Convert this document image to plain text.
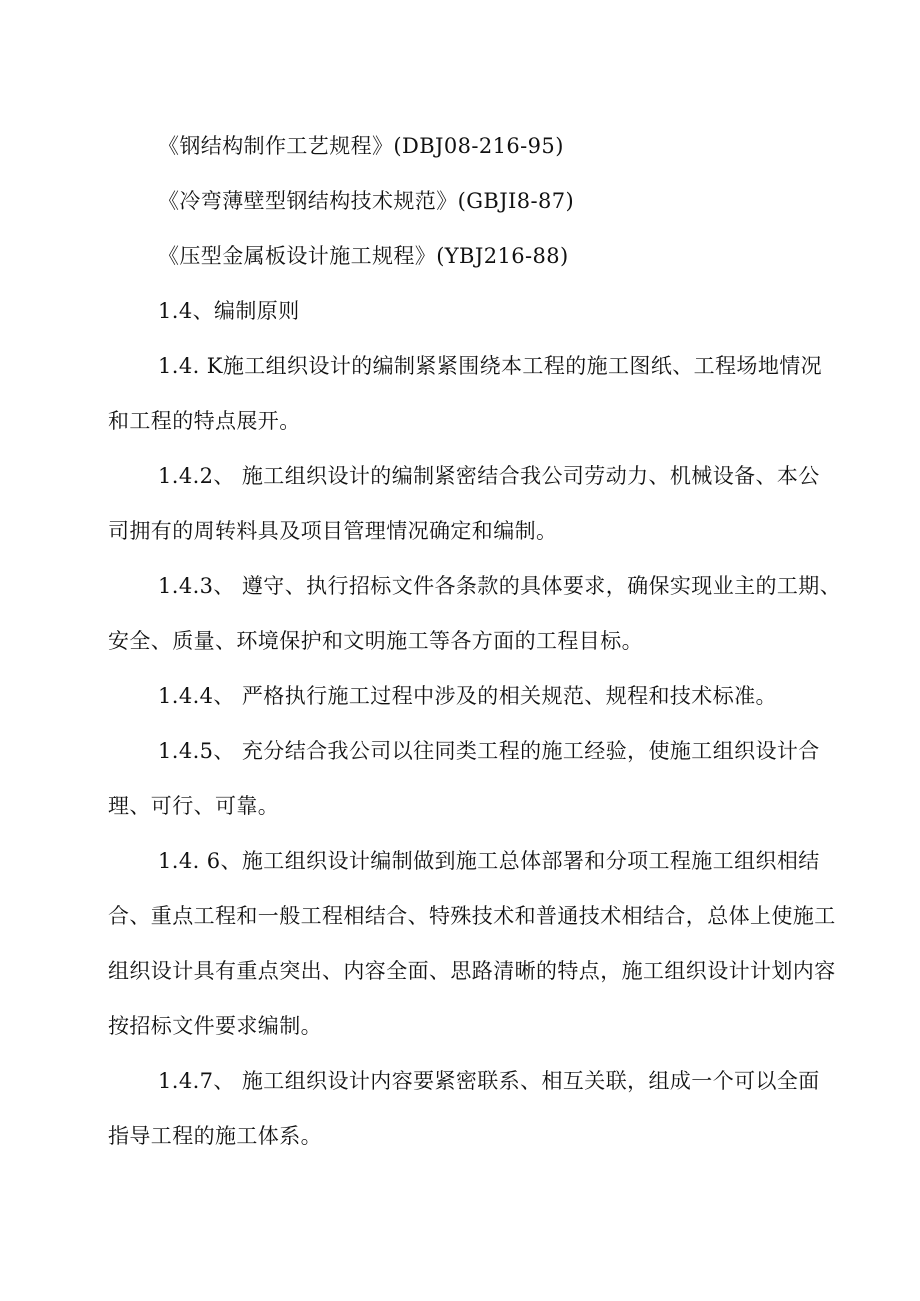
《钢结构制作工艺规程》(DBJ08-216-95)

《冷弯薄壁型钢结构技术规范》(GBJI8-87)

《压型金属板设计施工规程》(YBJ216-88)

1.4、编制原则

1.4. K施工组织设计的编制紧紧围绕本工程的施工图纸、工程场地情况

和工程的特点展开。

1.4.2、 施工组织设计的编制紧密结合我公司劳动力、机械设备、本公

司拥有的周转料具及项目管理情况确定和编制。

1.4.3、 遵守、执行招标文件各条款的具体要求，确保实现业主的工期、

安全、质量、环境保护和文明施工等各方面的工程目标。

1.4.4、 严格执行施工过程中涉及的相关规范、规程和技术标准。

1.4.5、 充分结合我公司以往同类工程的施工经验，使施工组织设计合

理、可行、可靠。

1.4. 6、施工组织设计编制做到施工总体部署和分项工程施工组织相结

合、重点工程和一般工程相结合、特殊技术和普通技术相结合，总体上使施工

组织设计具有重点突出、内容全面、思路清晰的特点，施工组织设计计划内容

按招标文件要求编制。

1.4.7、 施工组织设计内容要紧密联系、相互关联，组成一个可以全面

指导工程的施工体系。
